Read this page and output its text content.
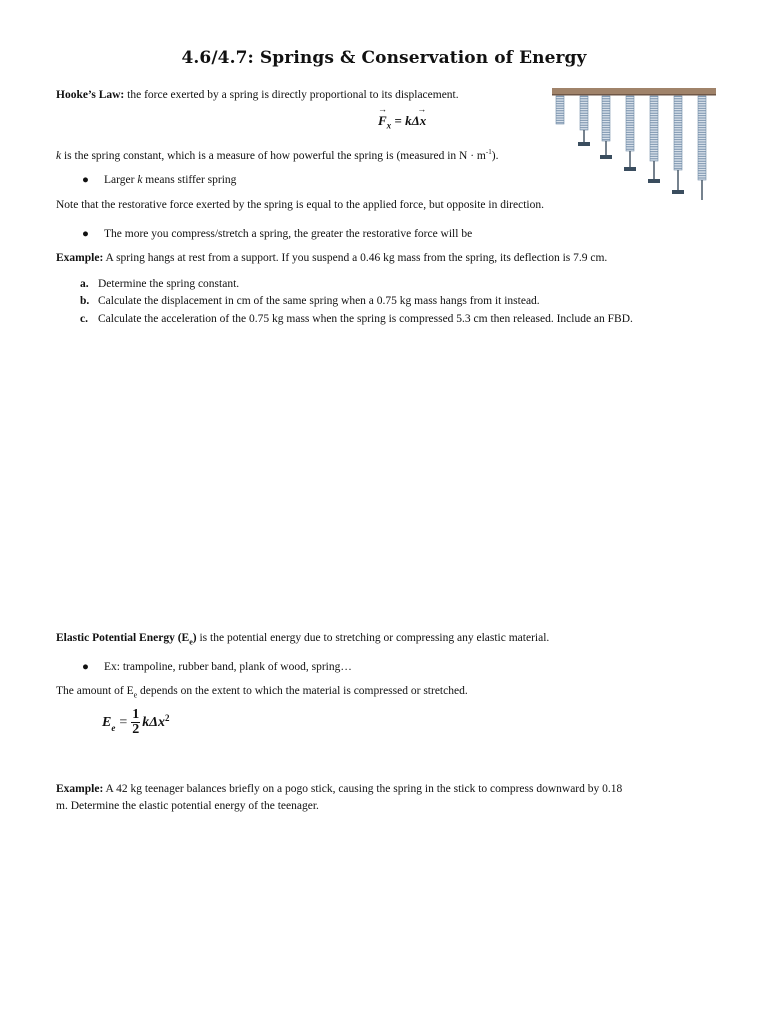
4.6/4.7: Springs & Conservation of Energy
Hooke’s Law: the force exerted by a spring is directly proportional to its displacement.
→
$F_x$
→
= kΔx
k is the spring constant, which is a measure of how powerful the spring is (measured in $N \cdot m^{-1}$).
● Larger k means stiffer spring
Note that the restorative force exerted by the spring is equal to the applied force, but opposite in direction.
● The more you compress/stretch a spring, the greater the restorative force will be
Example: A spring hangs at rest from a support. If you suspend a 0.46 kg mass from the spring, its deflection is 7.9 cm.
a. Determine the spring constant.
b. Calculate the displacement in cm of the same spring when a 0.75 kg mass hangs from it instead.
c. Calculate the acceleration of the 0.75 kg mass when the spring is compressed 5.3 cm then released. Include an FBD.
Elastic Potential Energy $(E_e)$ is the potential energy due to stretching or compressing any elastic material.
● Ex: trampoline, rubber band, plank of wood, spring…
The amount of $E_e$ depends on the extent to which the material is compressed or stretched.
$E_e = 1$
2 kΔx$^2$
Example: A 42 kg teenager balances briefly on a pogo stick, causing the spring in the stick to compress downward by 0.18
m. Determine the elastic potential energy of the teenager.
